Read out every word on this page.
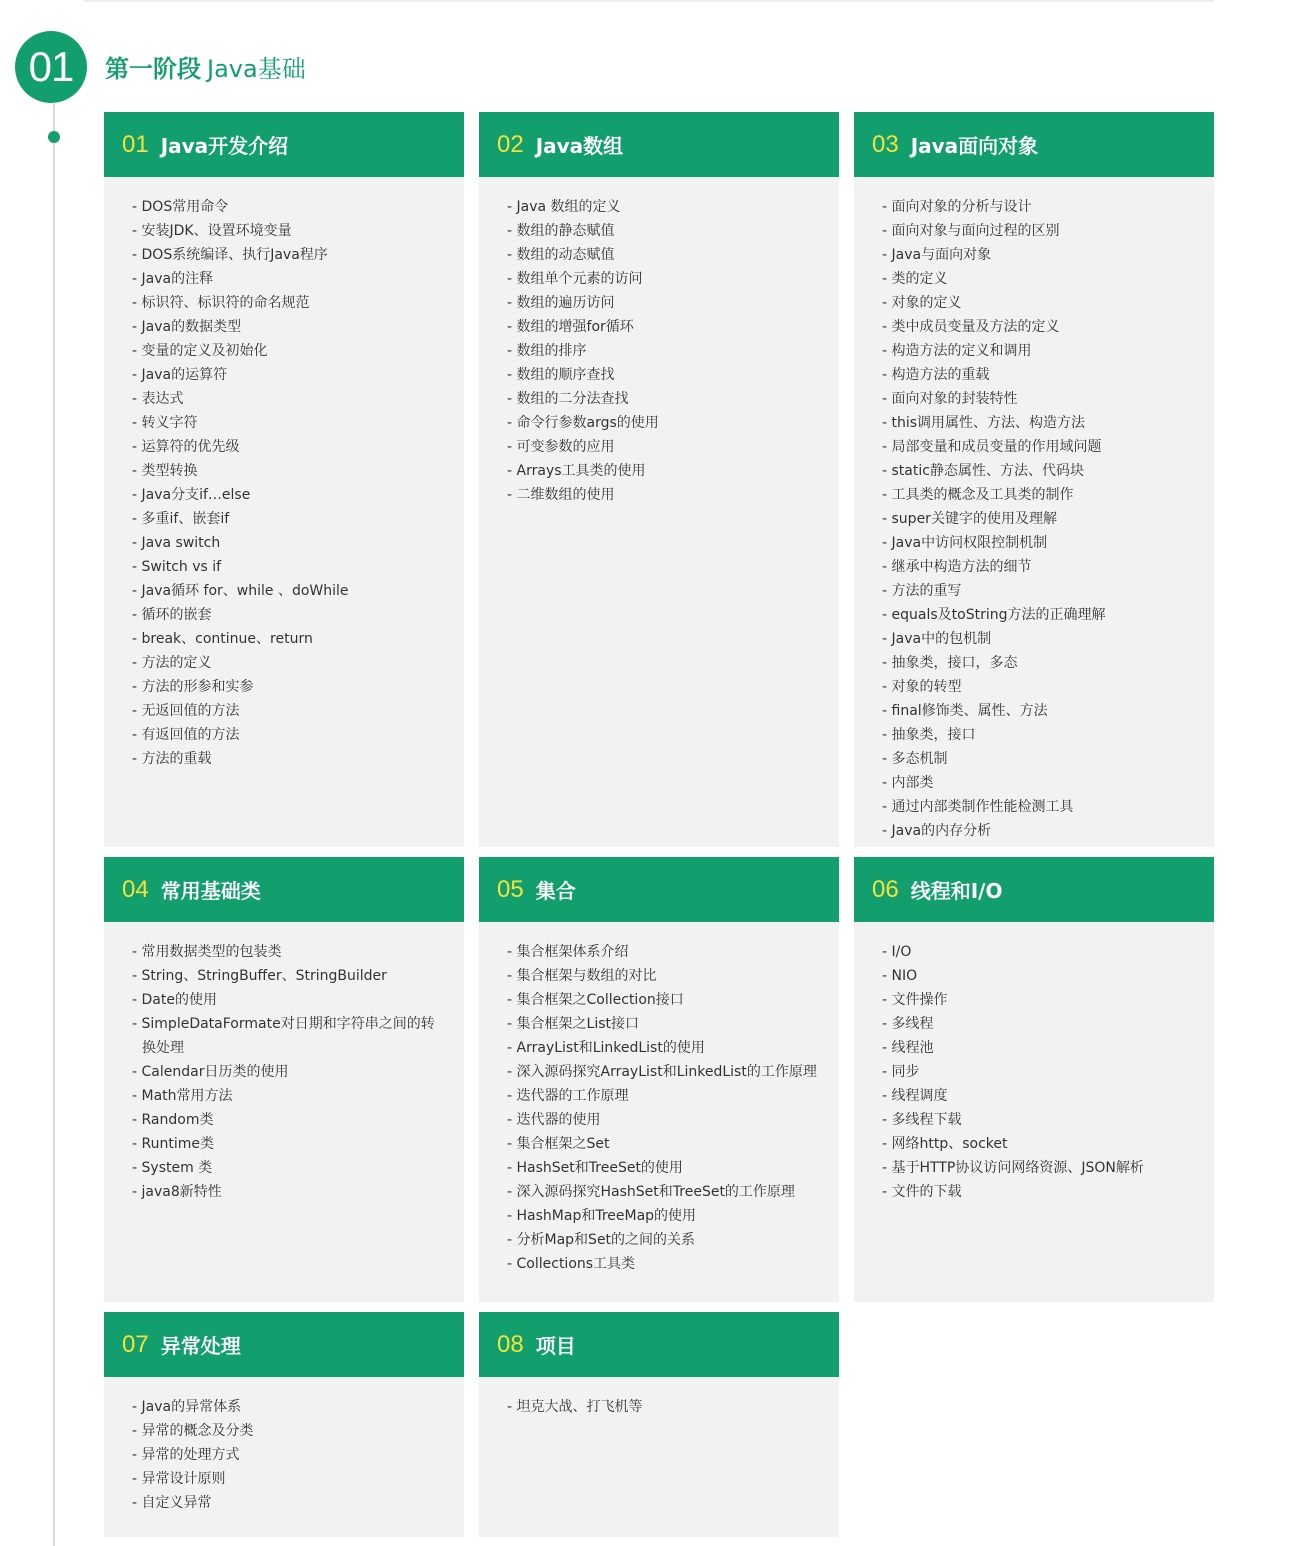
01	第一阶段 Java基础
01 Java开发介绍
- DOS常用命令
- 安装JDK、设置环境变量
- DOS系统编译、执行Java程序
- Java的注释
- 标识符、标识符的命名规范
- Java的数据类型
- 变量的定义及初始化
- Java的运算符
- 表达式
- 转义字符
- 运算符的优先级
- 类型转换
- Java分支if…else
- 多重if、嵌套if
- Java switch
- Switch vs if
- Java循环 for、while 、doWhile
- 循环的嵌套
- break、continue、return
- 方法的定义
- 方法的形参和实参
- 无返回值的方法
- 有返回值的方法
- 方法的重载
02 Java数组
- Java 数组的定义
- 数组的静态赋值
- 数组的动态赋值
- 数组单个元素的访问
- 数组的遍历访问
- 数组的增强for循环
- 数组的排序
- 数组的顺序查找
- 数组的二分法查找
- 命令行参数args的使用
- 可变参数的应用
- Arrays工具类的使用
- 二维数组的使用
03 Java面向对象
- 面向对象的分析与设计
- 面向对象与面向过程的区别
- Java与面向对象
- 类的定义
- 对象的定义
- 类中成员变量及方法的定义
- 构造方法的定义和调用
- 构造方法的重载
- 面向对象的封装特性
- this调用属性、方法、构造方法
- 局部变量和成员变量的作用域问题
- static静态属性、方法、代码块
- 工具类的概念及工具类的制作
- super关键字的使用及理解
- Java中访问权限控制机制
- 继承中构造方法的细节
- 方法的重写
- equals及toString方法的正确理解
- Java中的包机制
- 抽象类，接口，多态
- 对象的转型
- final修饰类、属性、方法
- 抽象类，接口
- 多态机制
- 内部类
- 通过内部类制作性能检测工具
- Java的内存分析
04 常用基础类
- 常用数据类型的包装类
- String、StringBuffer、StringBuilder
- Date的使用
- SimpleDataFormate对日期和字符串之间的转换处理
- Calendar日历类的使用
- Math常用方法
- Random类
- Runtime类
- System 类
- java8新特性
05 集合
- 集合框架体系介绍
- 集合框架与数组的对比
- 集合框架之Collection接口
- 集合框架之List接口
- ArrayList和LinkedList的使用
- 深入源码探究ArrayList和LinkedList的工作原理
- 迭代器的工作原理
- 迭代器的使用
- 集合框架之Set
- HashSet和TreeSet的使用
- 深入源码探究HashSet和TreeSet的工作原理
- HashMap和TreeMap的使用
- 分析Map和Set的之间的关系
- Collections工具类
06 线程和I/O
- I/O
- NIO
- 文件操作
- 多线程
- 线程池
- 同步
- 线程调度
- 多线程下载
- 网络http、socket
- 基于HTTP协议访问网络资源、JSON解析
- 文件的下载
07 异常处理
- Java的异常体系
- 异常的概念及分类
- 异常的处理方式
- 异常设计原则
- 自定义异常
08 项目
- 坦克大战、打飞机等
